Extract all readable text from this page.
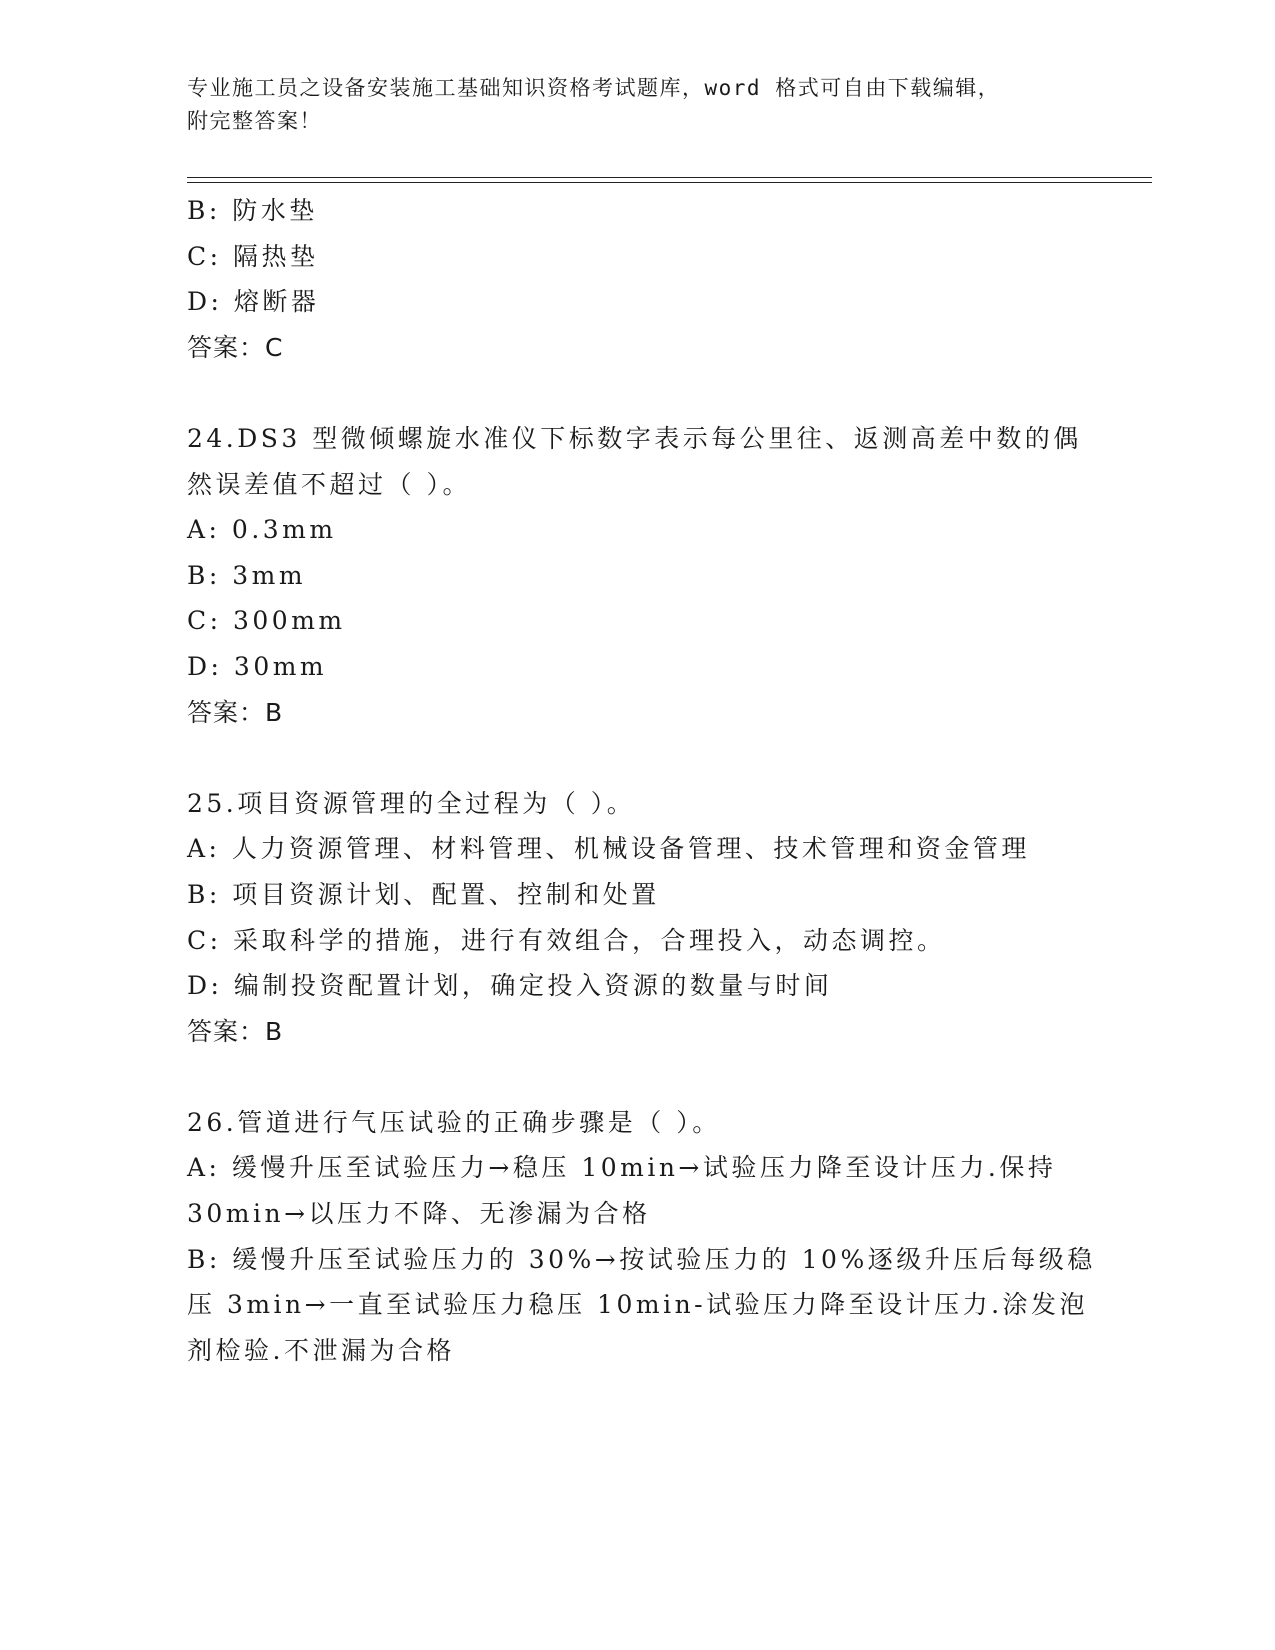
专业施工员之设备安装施工基础知识资格考试题库，word 格式可自由下载编辑，
附完整答案！
B: 防水垫
C: 隔热垫
D: 熔断器
答案：C
24.DS3 型微倾螺旋水准仪下标数字表示每公里往、返测高差中数的偶
然误差值不超过（ ）。
A: 0.3mm
B: 3mm
C: 300mm
D: 30mm
答案：B
25.项目资源管理的全过程为（ ）。
A: 人力资源管理、材料管理、机械设备管理、技术管理和资金管理
B: 项目资源计划、配置、控制和处置
C: 采取科学的措施，进行有效组合，合理投入，动态调控。
D: 编制投资配置计划，确定投入资源的数量与时间
答案：B
26.管道进行气压试验的正确步骤是（ ）。
A: 缓慢升压至试验压力→稳压 10min→试验压力降至设计压力.保持
30min→以压力不降、无渗漏为合格
B: 缓慢升压至试验压力的 30%→按试验压力的 10%逐级升压后每级稳
压 3min→一直至试验压力稳压 10min-试验压力降至设计压力.涂发泡
剂检验.不泄漏为合格
